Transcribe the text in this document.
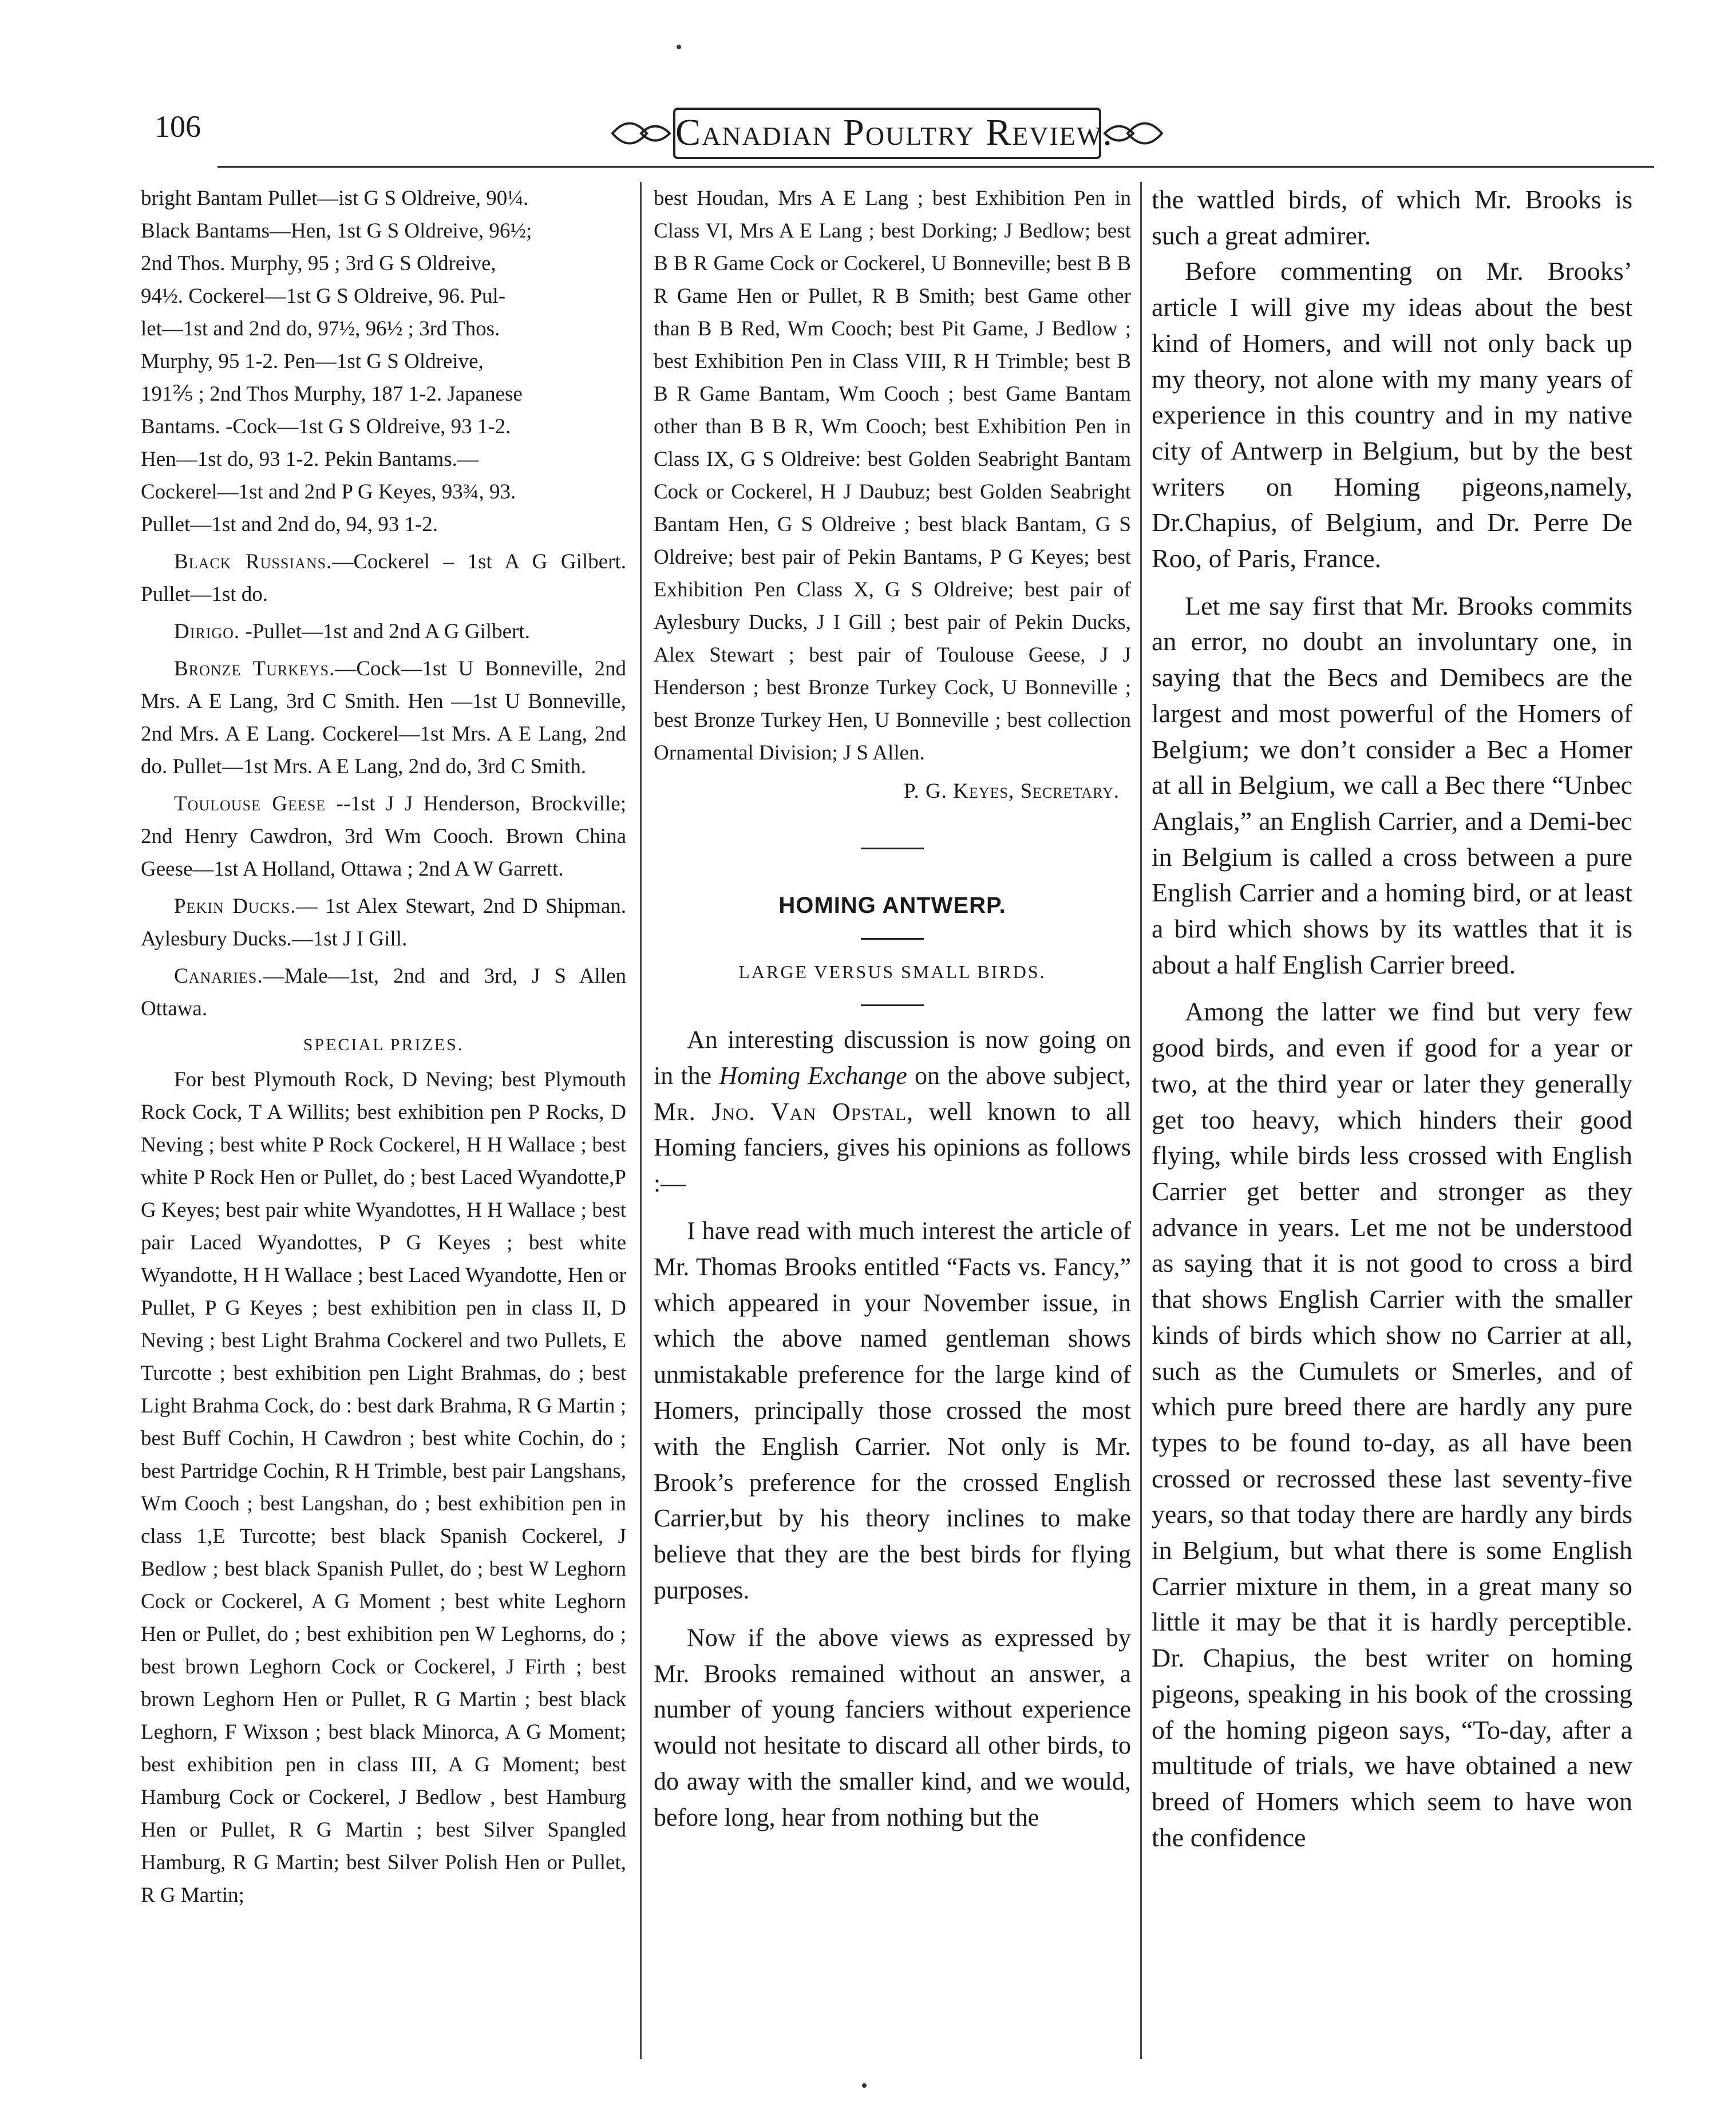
106	Canadian Poultry Review.

bright Bantam Pullet—ist G S Oldreive, 90¼.

Black Bantams—Hen, 1st G S Oldreive, 96½;

2nd Thos. Murphy, 95 ; 3rd G S Oldreive,

94½. Cockerel—1st G S Oldreive, 96. Pul-

let—1st and 2nd do, 97½, 96½ ; 3rd Thos.

Murphy, 95 1-2. Pen—1st G S Oldreive,

191⅖ ; 2nd Thos Murphy, 187 1-2. Japanese

Bantams. -Cock—1st G S Oldreive, 93 1-2.

Hen—1st do, 93 1-2. Pekin Bantams.—

Cockerel—1st and 2nd P G Keyes, 93¾, 93.

Pullet—1st and 2nd do, 94, 93 1-2.

Black Russians.—Cockerel – 1st A G Gilbert. Pullet—1st do.

Dirigo. -Pullet—1st and 2nd A G Gilbert.

Bronze Turkeys.—Cock—1st U Bonneville, 2nd Mrs. A E Lang, 3rd C Smith. Hen —1st U Bonneville, 2nd Mrs. A E Lang. Cockerel—1st Mrs. A E Lang, 2nd do. Pullet—1st Mrs. A E Lang, 2nd do, 3rd C Smith.

Toulouse Geese --1st J J Henderson, Brockville; 2nd Henry Cawdron, 3rd Wm Cooch. Brown China Geese—1st A Holland, Ottawa ; 2nd A W Garrett.

Pekin Ducks.— 1st Alex Stewart, 2nd D Shipman. Aylesbury Ducks.—1st J I Gill.

Canaries.—Male—1st, 2nd and 3rd, J S Allen Ottawa.

SPECIAL PRIZES.

For best Plymouth Rock, D Neving; best Plymouth Rock Cock, T A Willits; best exhibition pen P Rocks, D Neving ; best white P Rock Cockerel, H H Wallace ; best white P Rock Hen or Pullet, do ; best Laced Wyandotte,P G Keyes; best pair white Wyandottes, H H Wallace ; best pair Laced Wyandottes, P G Keyes ; best white Wyandotte, H H Wallace ; best Laced Wyandotte, Hen or Pullet, P G Keyes ; best exhibition pen in class II, D Neving ; best Light Brahma Cockerel and two Pullets, E Turcotte ; best exhibition pen Light Brahmas, do ; best Light Brahma Cock, do : best dark Brahma, R G Martin ; best Buff Cochin, H Cawdron ; best white Cochin, do ; best Partridge Cochin, R H Trimble, best pair Langshans, Wm Cooch ; best Langshan, do ; best exhibition pen in class 1,E Turcotte; best black Spanish Cockerel, J Bedlow ; best black Spanish Pullet, do ; best W Leghorn Cock or Cockerel, A G Moment ; best white Leghorn Hen or Pullet, do ; best exhibition pen W Leghorns, do ; best brown Leghorn Cock or Cockerel, J Firth ; best brown Leghorn Hen or Pullet, R G Martin ; best black Leghorn, F Wixson ; best black Minorca, A G Moment; best exhibition pen in class III, A G Moment; best Hamburg Cock or Cockerel, J Bedlow , best Hamburg Hen or Pullet, R G Martin ; best Silver Spangled Hamburg, R G Martin; best Silver Polish Hen or Pullet, R G Martin;

best Houdan, Mrs A E Lang ; best Exhibition Pen in Class VI, Mrs A E Lang ; best Dorking; J Bedlow; best B B R Game Cock or Cockerel, U Bonneville; best B B R Game Hen or Pullet, R B Smith; best Game other than B B Red, Wm Cooch; best Pit Game, J Bedlow ; best Exhibition Pen in Class VIII, R H Trimble; best B B R Game Bantam, Wm Cooch ; best Game Bantam other than B B R, Wm Cooch; best Exhibition Pen in Class IX, G S Oldreive: best Golden Seabright Bantam Cock or Cockerel, H J Daubuz; best Golden Seabright Bantam Hen, G S Oldreive ; best black Bantam, G S Oldreive; best pair of Pekin Bantams, P G Keyes; best Exhibition Pen Class X, G S Oldreive; best pair of Aylesbury Ducks, J I Gill ; best pair of Pekin Ducks, Alex Stewart ; best pair of Toulouse Geese, J J Henderson ; best Bronze Turkey Cock, U Bonneville ; best Bronze Turkey Hen, U Bonneville ; best collection Ornamental Division; J S Allen.

P. G. Keyes, Secretary.

HOMING ANTWERP.
LARGE VERSUS SMALL BIRDS.

An interesting discussion is now going on in the Homing Exchange on the above subject, Mr. Jno. Van Opstal, well known to all Homing fanciers, gives his opinions as follows :—

I have read with much interest the article of Mr. Thomas Brooks entitled “Facts vs. Fancy,” which appeared in your November issue, in which the above named gentleman shows unmistakable preference for the large kind of Homers, principally those crossed the most with the English Carrier. Not only is Mr. Brook’s preference for the crossed English Carrier,but by his theory inclines to make believe that they are the best birds for flying purposes.

Now if the above views as expressed by Mr. Brooks remained without an answer, a number of young fanciers without experience would not hesitate to discard all other birds, to do away with the smaller kind, and we would, before long, hear from nothing but the

the wattled birds, of which Mr. Brooks is such a great admirer.

Before commenting on Mr. Brooks’ article I will give my ideas about the best kind of Homers, and will not only back up my theory, not alone with my many years of experience in this country and in my native city of Antwerp in Belgium, but by the best writers on Homing pigeons,namely, Dr.Chapius, of Belgium, and Dr. Perre De Roo, of Paris, France.

Let me say first that Mr. Brooks commits an error, no doubt an involuntary one, in saying that the Becs and Demibecs are the largest and most powerful of the Homers of Belgium; we don’t consider a Bec a Homer at all in Belgium, we call a Bec there “Unbec Anglais,” an English Carrier, and a Demi-bec in Belgium is called a cross between a pure English Carrier and a homing bird, or at least a bird which shows by its wattles that it is about a half English Carrier breed.

Among the latter we find but very few good birds, and even if good for a year or two, at the third year or later they generally get too heavy, which hinders their good flying, while birds less crossed with English Carrier get better and stronger as they advance in years. Let me not be understood as saying that it is not good to cross a bird that shows English Carrier with the smaller kinds of birds which show no Carrier at all, such as the Cumulets or Smerles, and of which pure breed there are hardly any pure types to be found to-day, as all have been crossed or recrossed these last seventy-five years, so that today there are hardly any birds in Belgium, but what there is some English Carrier mixture in them, in a great many so little it may be that it is hardly perceptible. Dr. Chapius, the best writer on homing pigeons, speaking in his book of the crossing of the homing pigeon says, “To-day, after a multitude of trials, we have obtained a new breed of Homers which seem to have won the confidence
